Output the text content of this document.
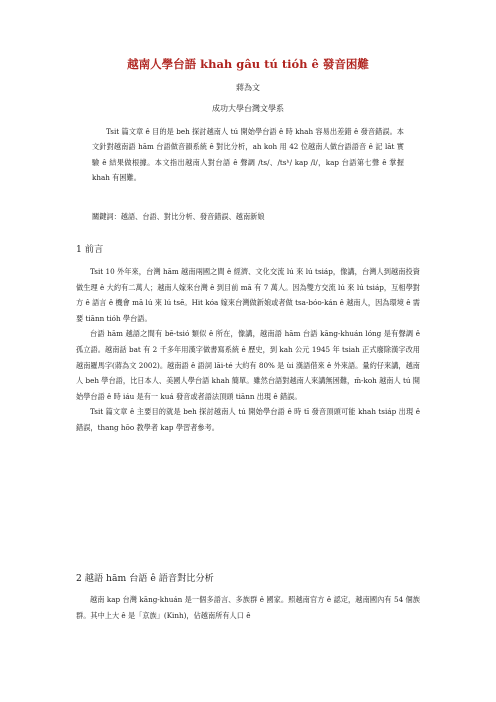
越南人學台語 khah gâu tú tióh ê 發音困難
蔣為文
成功大學台灣文學系

Tsit 篇文章 ê 目的是 beh 探討越南人 tú 開始學台語 ê 時 khah 容易出差錯 ê 發音錯誤。本文針對越南語 hām 台語做音韻系統 ê 對比分析，ah koh 用 42 位越南人做台語語音 ê 記 lāt 實驗 ê 結果做根據。本文指出越南人對台語 ê 聲調 /ts/、/tsʰ/ kap /l/，kap 台語第七聲 ê 掌握 khah 有困難。

關鍵詞：越語、台語、對比分析、發音錯誤、越南新娘
1 前言

Tsit 10 外年來，台灣 hām 越南兩國之間 ê 經濟、文化交流 lú 來 lú tsiáp，像講，台灣人到越南投資做生理 ê 大約有二萬人；越南人嫁來台灣 ê 到目前 mā 有 7 萬人。因為雙方交流 lú 來 lú tsiáp，互相學對方 ê 語言 ê 機會 mā lú 來 lú tsē。Hit kóa 嫁來台灣做新娘或者做 tsa-bóo-kán ê 越南人，因為環境 ê 需要 tiānn tióh 學台語。

台語 hām 越語之間有 bē-tsió 類似 ê 所在，像講，越南語 hām 台語 kāng-khuán lóng 是有聲調 ê 孤立語。越南話 bat 有 2 千多年用漢字做書寫系統 ê 歷史，到 kah 公元 1945 年 tsiah 正式廢除漢字改用越南羅馬字(蔣為文 2002)。越南語 ê 語詞 lāi-té 大約有 80% 是 ùi 漢語借來 ê 外來語。量約仔來講，越南人 beh 學台語，比日本人、美國人學台語 khah 簡單。雖然台語對越南人來講無困難，m̄-koh 越南人 tú 開始學台語 ê 時 iáu 是有一 kuá 發音或者語法頂頭 tiānn 出現 ê 錯誤。

Tsit 篇文章 ê 主要目的就是 beh 探討越南人 tú 開始學台語 ê 時 tī 發音頂頭可能 khah tsiáp 出現 ê 錯誤，thang hōo 教學者 kap 學習者參考。

2 越語 hām 台語 ê 語音對比分析

越南 kap 台灣 kāng-khuán 是一個多語言、多族群 ê 國家。照越南官方 ê 認定，越南國內有 54 個族群。其中上大 ê 是「京族」(Kinh)，佔越南所有人口 ê
